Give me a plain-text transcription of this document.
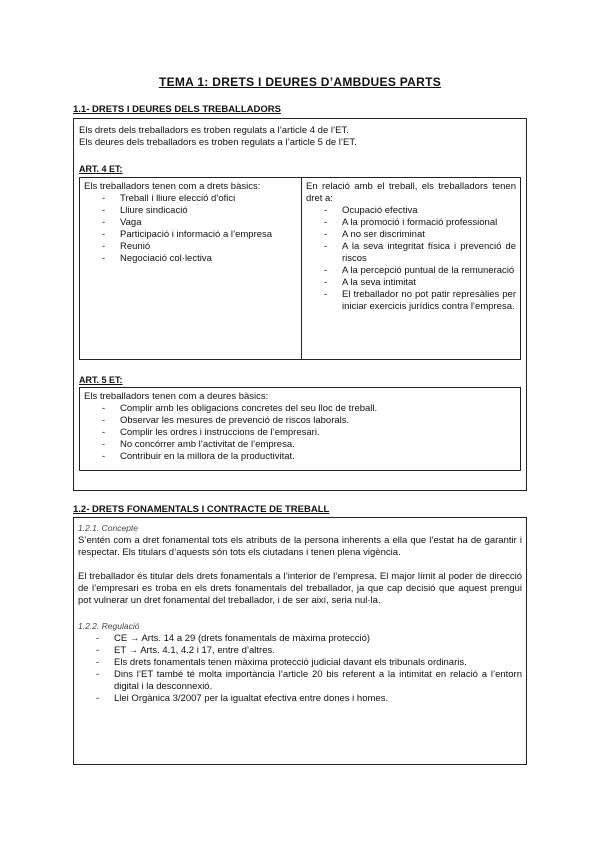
TEMA 1: DRETS I DEURES D’AMBDUES PARTS
1.1- DRETS I DEURES DELS TREBALLADORS

Els drets dels treballadors es troben regulats a l’article 4 de l’ET.

Els deures dels treballadors es troben regulats a l’article 5 de l’ET.

ART. 4 ET:

Els treballadors tenen com a drets bàsics:

- Treball i lliure elecció d’ofici
- Lliure sindicació
- Vaga
- Participació i informació a l’empresa
- Reunió
- Negociació col·lectiva

En relació amb el treball, els treballadors tenen dret a:

- Ocupació efectiva
- A la promoció i formació professional
- A no ser discriminat
- A la seva integritat física i prevenció de riscos
- A la percepció puntual de la remuneració
- A la seva intimitat
- El treballador no pot patir represàlies per iniciar exercicis jurídics contra l’empresa.
ART. 5 ET:

Els treballadors tenen com a deures bàsics:

- Complir amb les obligacions concretes del seu lloc de treball.
- Observar les mesures de prevenció de riscos laborals.
- Complir les ordres i instruccions de l’empresari.
- No concórrer amb l’activitat de l’empresa.
- Contribuir en la millora de la productivitat.
1.2- DRETS FONAMENTALS I CONTRACTE DE TREBALL

1.2.1. Concepte

S’entén com a dret fonamental tots els atributs de la persona inherents a ella que l’estat ha de garantir i respectar. Els titulars d’aquests són tots els ciutadans i tenen plena vigència.

El treballador és titular dels drets fonamentals a l’interior de l’empresa. El major límit al poder de direcció de l’empresari es troba en els drets fonamentals del treballador, ja que cap decisió que aquest prengui pot vulnerar un dret fonamental del treballador, i de ser així, seria nul·la.

1.2.2. Regulació

- CE → Arts. 14 a 29 (drets fonamentals de màxima protecció)
- ET → Arts. 4.1, 4.2 i 17, entre d’altres.
- Els drets fonamentals tenen màxima protecció judicial davant els tribunals ordinaris.
- Dins l’ET també té molta importància l’article 20 bis referent a la intimitat en relació a l’entorn digital i la desconnexió.
- Llei Orgànica 3/2007 per la igualtat efectiva entre dones i homes.
